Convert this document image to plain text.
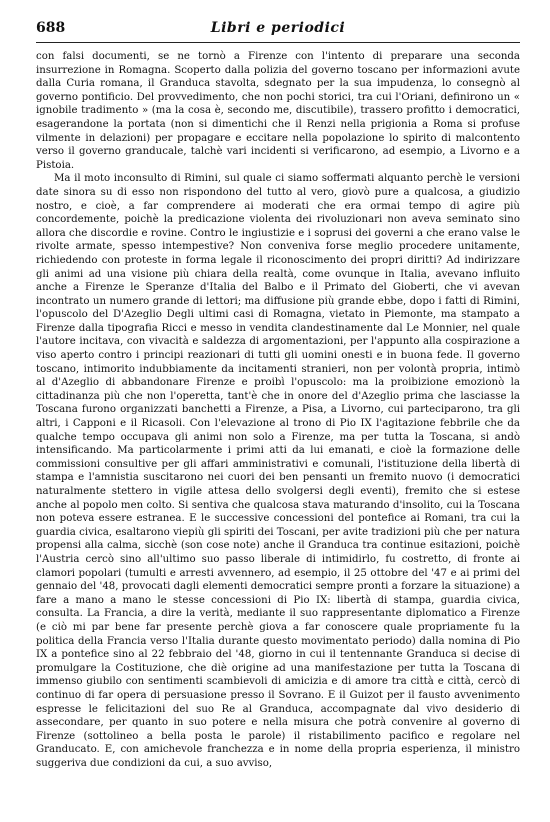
688	Libri e periodici

con falsi documenti, se ne tornò a Firenze con l'intento di preparare una seconda insurrezione in Romagna. Scoperto dalla polizia del governo toscano per informazioni avute dalla Curia romana, il Granduca stavolta, sdegnato per la sua impudenza, lo consegnò al governo pontificio. Del provvedimento, che non pochi storici, tra cui l'Oriani, definirono un « ignobile tradimento » (ma la cosa è, secondo me, discutibile), trassero profitto i democratici, esagerandone la portata (non si dimentichi che il Renzi nella prigionia a Roma si profuse vilmente in delazioni) per propagare e eccitare nella popolazione lo spirito di malcontento verso il governo granducale, talchè vari incidenti si verificarono, ad esempio, a Livorno e a Pistoia.

Ma il moto inconsulto di Rimini, sul quale ci siamo soffermati alquanto perchè le versioni date sinora su di esso non rispondono del tutto al vero, giovò pure a qualcosa, a giudizio nostro, e cioè, a far comprendere ai moderati che era ormai tempo di agire più concordemente, poichè la predicazione violenta dei rivoluzionari non aveva seminato sino allora che discordie e rovine. Contro le ingiustizie e i soprusi dei governi a che erano valse le rivolte armate, spesso intempestive? Non conveniva forse meglio procedere unitamente, richiedendo con proteste in forma legale il riconoscimento dei propri diritti? Ad indirizzare gli animi ad una visione più chiara della realtà, come ovunque in Italia, avevano influito anche a Firenze le Speranze d'Italia del Balbo e il Primato del Gioberti, che vi avevan incontrato un numero grande di lettori; ma diffusione più grande ebbe, dopo i fatti di Rimini, l'opuscolo del D'Azeglio Degli ultimi casi di Romagna, vietato in Piemonte, ma stampato a Firenze dalla tipografia Ricci e messo in vendita clandestinamente dal Le Monnier, nel quale l'autore incitava, con vivacità e saldezza di argomentazioni, per l'appunto alla cospirazione a viso aperto contro i principi reazionari di tutti gli uomini onesti e in buona fede. Il governo toscano, intimorito indubbiamente da incitamenti stranieri, non per volontà propria, intimò al d'Azeglio di abbandonare Firenze e proibì l'opuscolo: ma la proibizione emozionò la cittadinanza più che non l'operetta, tant'è che in onore del d'Azeglio prima che lasciasse la Toscana furono organizzati banchetti a Firenze, a Pisa, a Livorno, cui parteciparono, tra gli altri, i Capponi e il Ricasoli. Con l'elevazione al trono di Pio IX l'agitazione febbrile che da qualche tempo occupava gli animi non solo a Firenze, ma per tutta la Toscana, si andò intensificando. Ma particolarmente i primi atti da lui emanati, e cioè la formazione delle commissioni consultive per gli affari amministrativi e comunali, l'istituzione della libertà di stampa e l'amnistia suscitarono nei cuori dei ben pensanti un fremito nuovo (i democratici naturalmente stettero in vigile attesa dello svolgersi degli eventi), fremito che si estese anche al popolo men colto. Si sentiva che qualcosa stava maturando d'insolito, cui la Toscana non poteva essere estranea. E le successive concessioni del pontefice ai Romani, tra cui la guardia civica, esaltarono viepiù gli spiriti dei Toscani, per avite tradizioni più che per natura propensi alla calma, sicchè (son cose note) anche il Granduca tra continue esitazioni, poichè l'Austria cercò sino all'ultimo suo passo liberale di intimidirlo, fu costretto, di fronte ai clamori popolari (tumulti e arresti avvennero, ad esempio, il 25 ottobre del '47 e ai primi del gennaio del '48, provocati dagli elementi democratici sempre pronti a forzare la situazione) a fare a mano a mano le stesse concessioni di Pio IX: libertà di stampa, guardia civica, consulta. La Francia, a dire la verità, mediante il suo rappresentante diplomatico a Firenze (e ciò mi par bene far presente perchè giova a far conoscere quale propriamente fu la politica della Francia verso l'Italia durante questo movimentato periodo) dalla nomina di Pio IX a pontefice sino al 22 febbraio del '48, giorno in cui il tentennante Granduca si decise di promulgare la Costituzione, che diè origine ad una manifestazione per tutta la Toscana di immenso giubilo con sentimenti scambievoli di amicizia e di amore tra città e città, cercò di continuo di far opera di persuasione presso il Sovrano. E il Guizot per il fausto avvenimento espresse le felicitazioni del suo Re al Granduca, accompagnate dal vivo desiderio di assecondare, per quanto in suo potere e nella misura che potrà convenire al governo di Firenze (sottolineo a bella posta le parole) il ristabilimento pacifico e regolare nel Granducato. E, con amichevole franchezza e in nome della propria esperienza, il ministro suggeriva due condizioni da cui, a suo avviso,
